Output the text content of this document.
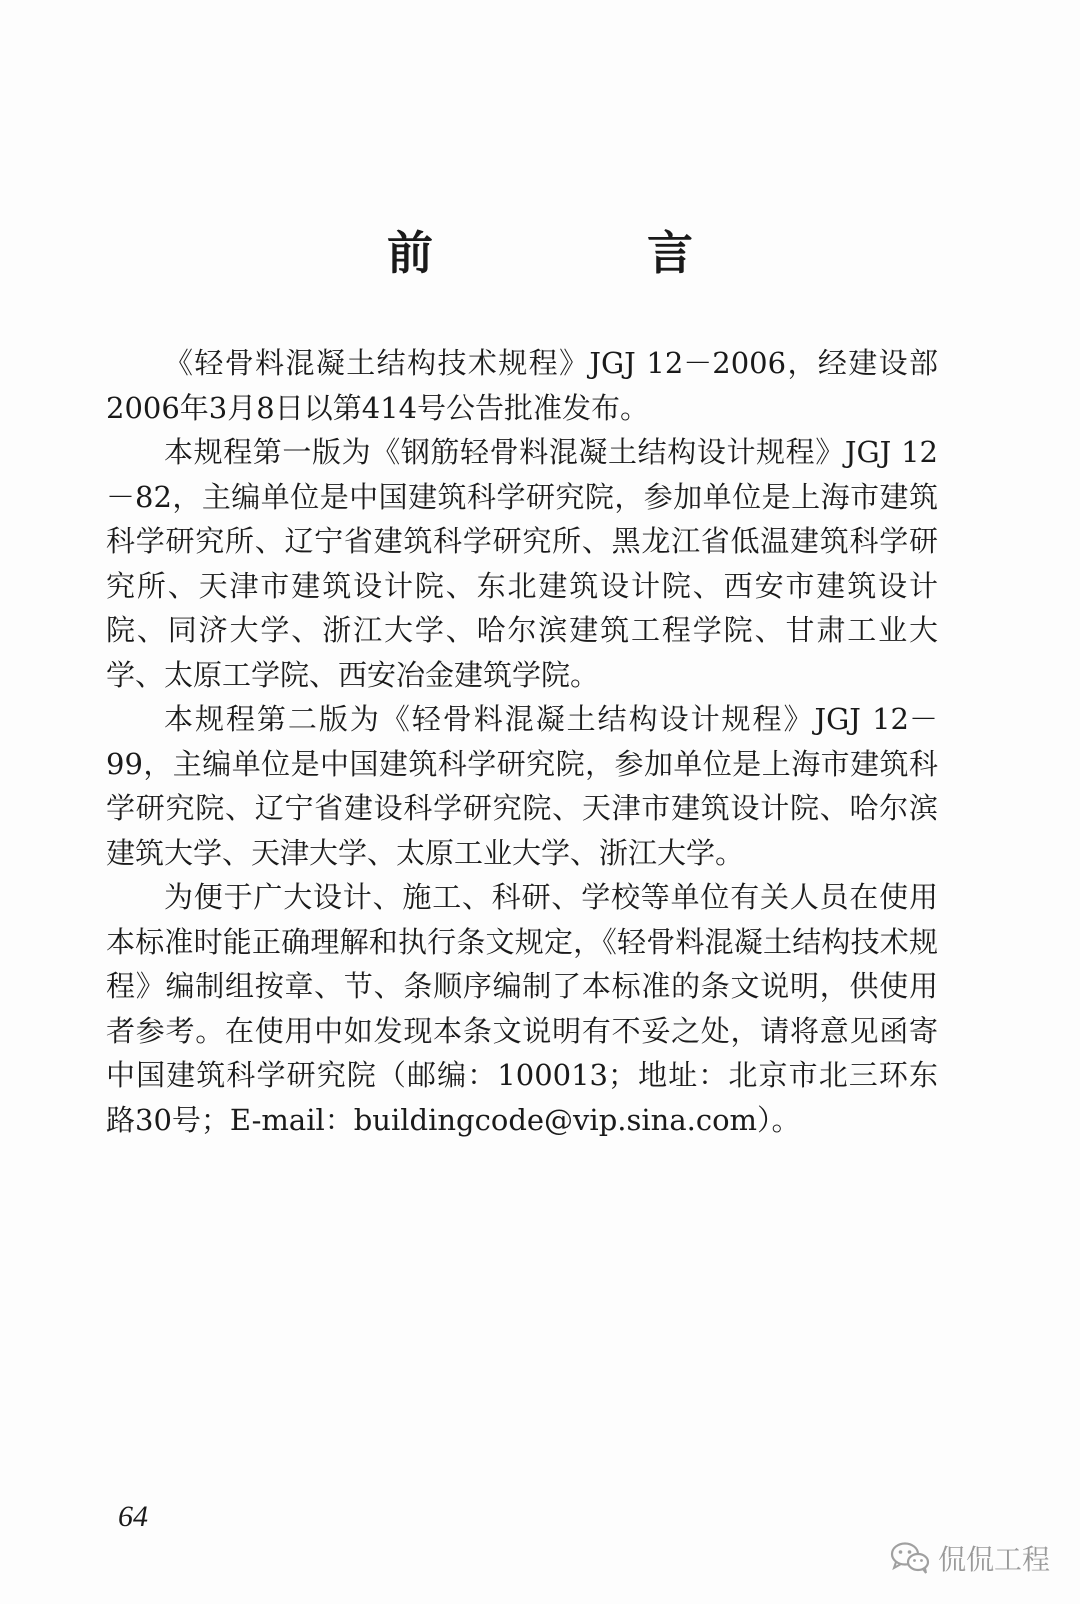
前　言

《轻骨料混凝土结构技术规程》JGJ 12－2006，经建设部2006年3月8日以第414号公告批准发布。

本规程第一版为《钢筋轻骨料混凝土结构设计规程》JGJ 12－82，主编单位是中国建筑科学研究院，参加单位是上海市建筑科学研究所、辽宁省建筑科学研究所、黑龙江省低温建筑科学研究所、天津市建筑设计院、东北建筑设计院、西安市建筑设计院、同济大学、浙江大学、哈尔滨建筑工程学院、甘肃工业大学、太原工学院、西安冶金建筑学院。

本规程第二版为《轻骨料混凝土结构设计规程》JGJ 12－99，主编单位是中国建筑科学研究院，参加单位是上海市建筑科学研究院、辽宁省建设科学研究院、天津市建筑设计院、哈尔滨建筑大学、天津大学、太原工业大学、浙江大学。

为便于广大设计、施工、科研、学校等单位有关人员在使用本标准时能正确理解和执行条文规定，《轻骨料混凝土结构技术规程》编制组按章、节、条顺序编制了本标准的条文说明，供使用者参考。在使用中如发现本条文说明有不妥之处，请将意见函寄中国建筑科学研究院（邮编：100013；地址：北京市北三环东路30号；E-mail：buildingcode@vip.sina.com）。

64
侃侃工程
